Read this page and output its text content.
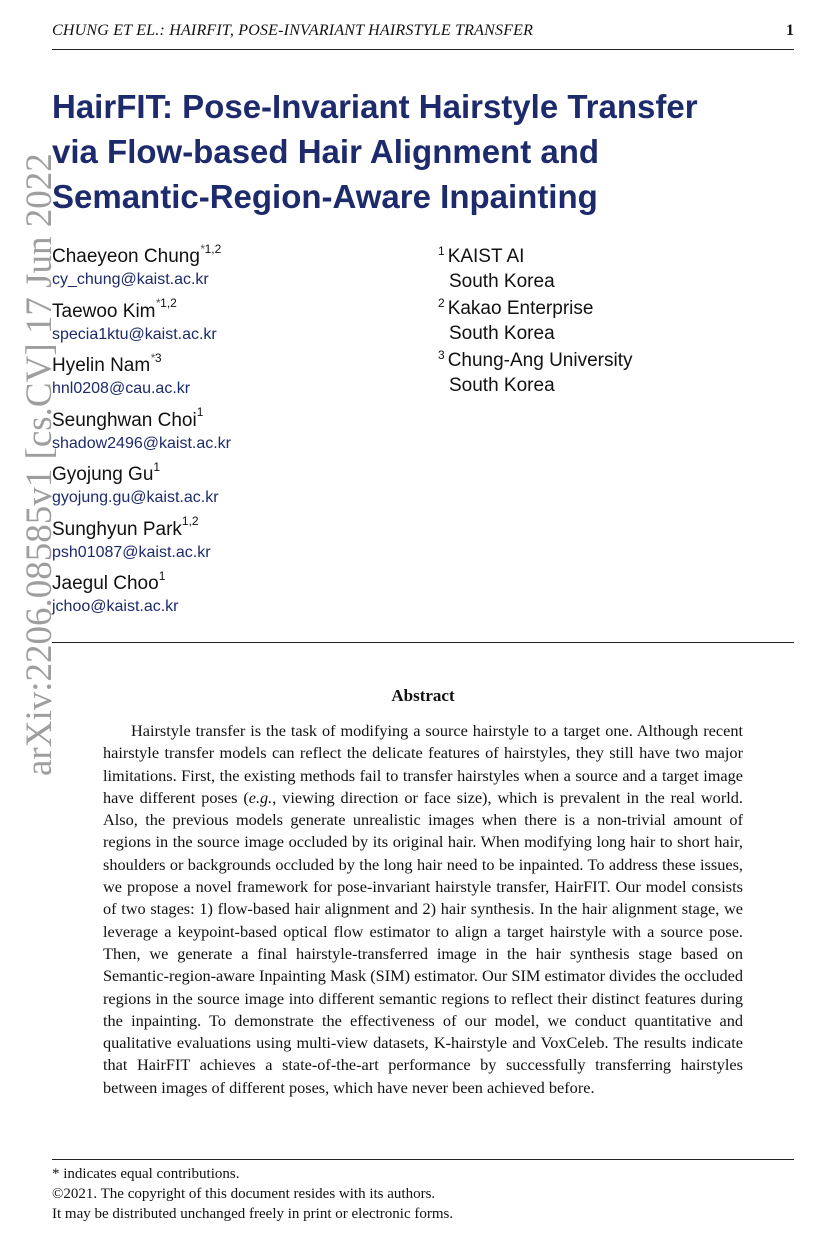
CHUNG ET EL.: HAIRFIT, POSE-INVARIANT HAIRSTYLE TRANSFER	1
HairFIT: Pose-Invariant Hairstyle Transfer
via Flow-based Hair Alignment and
Semantic-Region-Aware Inpainting
Chaeyeon Chung$^{*1,2}$
cy_chung@kaist.ac.kr
Taewoo Kim$^{*1,2}$
specia1ktu@kaist.ac.kr
Hyelin Nam$^{*3}$
hnl0208@cau.ac.kr
Seunghwan Choi$^1$
shadow2496@kaist.ac.kr
Gyojung Gu$^1$
gyojung.gu@kaist.ac.kr
Sunghyun Park$^{1,2}$
psh01087@kaist.ac.kr
Jaegul Choo$^1$
jchoo@kaist.ac.kr
$^1$ KAIST AI
South Korea
$^2$ Kakao Enterprise
South Korea
$^3$ Chung-Ang University
South Korea
Abstract

Hairstyle transfer is the task of modifying a source hairstyle to a target one. Although recent hairstyle transfer models can reflect the delicate features of hairstyles, they still have two major limitations. First, the existing methods fail to transfer hairstyles when a source and a target image have different poses (e.g., viewing direction or face size), which is prevalent in the real world. Also, the previous models generate unrealistic images when there is a non-trivial amount of regions in the source image occluded by its original hair. When modifying long hair to short hair, shoulders or backgrounds occluded by the long hair need to be inpainted. To address these issues, we propose a novel framework for pose-invariant hairstyle transfer, HairFIT. Our model consists of two stages: 1) flow-based hair alignment and 2) hair synthesis. In the hair alignment stage, we leverage a keypoint-based optical flow estimator to align a target hairstyle with a source pose. Then, we generate a final hairstyle-transferred image in the hair synthesis stage based on Semantic-region-aware Inpainting Mask (SIM) estimator. Our SIM estimator divides the occluded regions in the source image into different semantic regions to reflect their distinct features during the inpainting. To demonstrate the effectiveness of our model, we conduct quantitative and qualitative evaluations using multi-view datasets, K-hairstyle and VoxCeleb. The results indicate that HairFIT achieves a state-of-the-art performance by successfully transferring hairstyles between images of different poses, which have never been achieved before.

* indicates equal contributions.
©2021. The copyright of this document resides with its authors.
It may be distributed unchanged freely in print or electronic forms.
arXiv:2206.08585v1 [cs.CV] 17 Jun 2022
